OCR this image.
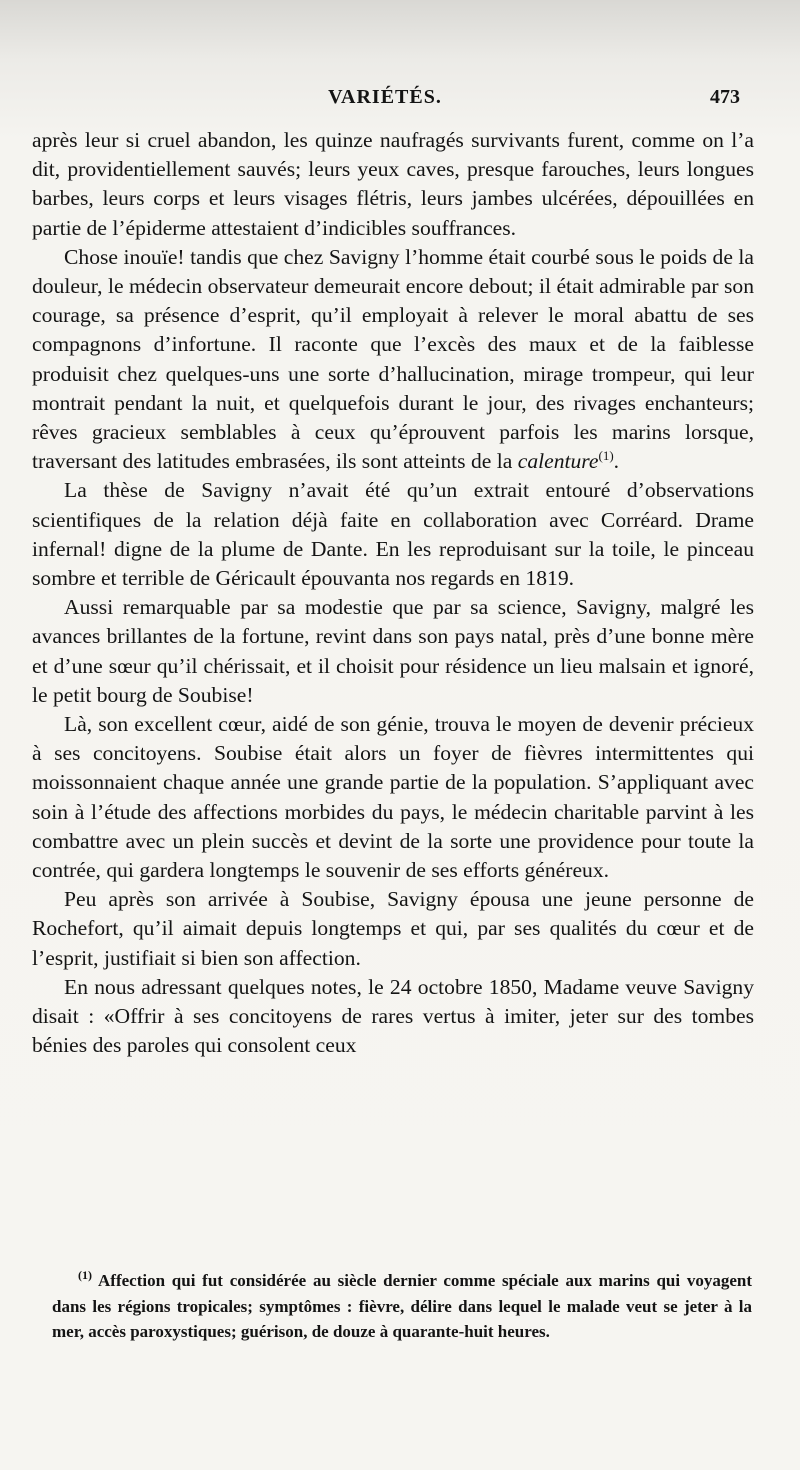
VARIÉTÉS.	473

après leur si cruel abandon, les quinze naufragés survivants furent, comme on l’a dit, providentiellement sauvés; leurs yeux caves, presque farouches, leurs longues barbes, leurs corps et leurs visages flétris, leurs jambes ulcérées, dépouillées en partie de l’épiderme attestaient d’indicibles souffrances.

Chose inouïe! tandis que chez Savigny l’homme était courbé sous le poids de la douleur, le médecin observateur demeurait encore debout; il était admirable par son courage, sa présence d’esprit, qu’il employait à relever le moral abattu de ses compagnons d’infortune. Il raconte que l’excès des maux et de la faiblesse produisit chez quelques-uns une sorte d’hallucination, mirage trompeur, qui leur montrait pendant la nuit, et quelquefois durant le jour, des rivages enchanteurs; rêves gracieux semblables à ceux qu’éprouvent parfois les marins lorsque, traversant des latitudes embrasées, ils sont atteints de la calenture$^{(1)}$.

La thèse de Savigny n’avait été qu’un extrait entouré d’observations scientifiques de la relation déjà faite en collaboration avec Corréard. Drame infernal! digne de la plume de Dante. En les reproduisant sur la toile, le pinceau sombre et terrible de Géricault épouvanta nos regards en 1819.

Aussi remarquable par sa modestie que par sa science, Savigny, malgré les avances brillantes de la fortune, revint dans son pays natal, près d’une bonne mère et d’une sœur qu’il chérissait, et il choisit pour résidence un lieu malsain et ignoré, le petit bourg de Soubise!

Là, son excellent cœur, aidé de son génie, trouva le moyen de devenir précieux à ses concitoyens. Soubise était alors un foyer de fièvres intermittentes qui moissonnaient chaque année une grande partie de la population. S’appliquant avec soin à l’étude des affections morbides du pays, le médecin charitable parvint à les combattre avec un plein succès et devint de la sorte une providence pour toute la contrée, qui gardera longtemps le souvenir de ses efforts généreux.

Peu après son arrivée à Soubise, Savigny épousa une jeune personne de Rochefort, qu’il aimait depuis longtemps et qui, par ses qualités du cœur et de l’esprit, justifiait si bien son affection.

En nous adressant quelques notes, le 24 octobre 1850, Madame veuve Savigny disait : «Offrir à ses concitoyens de rares vertus à imiter, jeter sur des tombes bénies des paroles qui consolent ceux

$^{(1)}$ Affection qui fut considérée au siècle dernier comme spéciale aux marins qui voyagent dans les régions tropicales; symptômes : fièvre, délire dans lequel le malade veut se jeter à la mer, accès paroxystiques; guérison, de douze à quarante-huit heures.
